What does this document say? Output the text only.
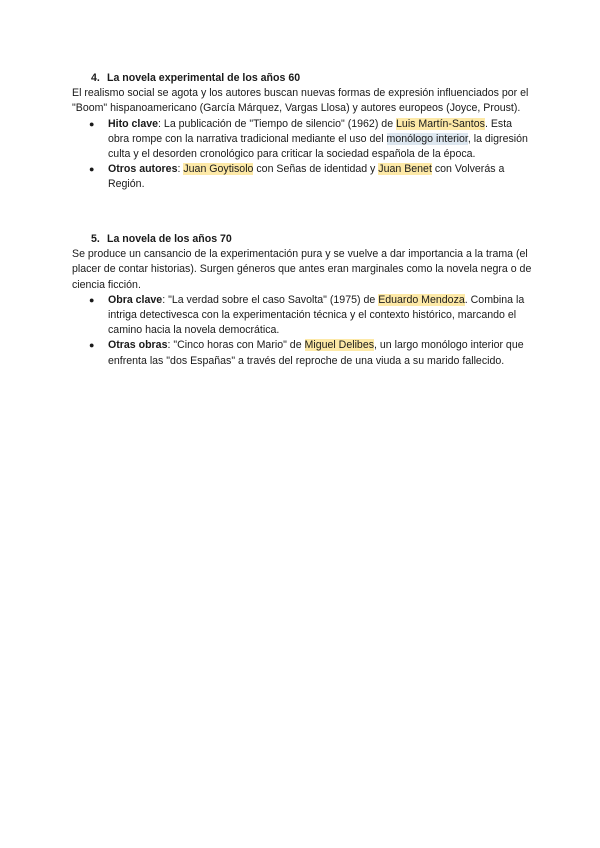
4. La novela experimental de los años 60

El realismo social se agota y los autores buscan nuevas formas de expresión influenciados por el "Boom" hispanoamericano (García Márquez, Vargas Llosa) y autores europeos (Joyce, Proust).

● Hito clave: La publicación de "Tiempo de silencio" (1962) de Luis Martín-Santos. Esta obra rompe con la narrativa tradicional mediante el uso del monólogo interior, la digresión culta y el desorden cronológico para criticar la sociedad española de la época.
● Otros autores: Juan Goytisolo con Señas de identidad y Juan Benet con Volverás a Región.

5. La novela de los años 70

Se produce un cansancio de la experimentación pura y se vuelve a dar importancia a la trama (el placer de contar historias). Surgen géneros que antes eran marginales como la novela negra o de ciencia ficción.

● Obra clave: "La verdad sobre el caso Savolta" (1975) de Eduardo Mendoza. Combina la intriga detectivesca con la experimentación técnica y el contexto histórico, marcando el camino hacia la novela democrática.
● Otras obras: "Cinco horas con Mario" de Miguel Delibes, un largo monólogo interior que enfrenta las "dos Españas" a través del reproche de una viuda a su marido fallecido.
